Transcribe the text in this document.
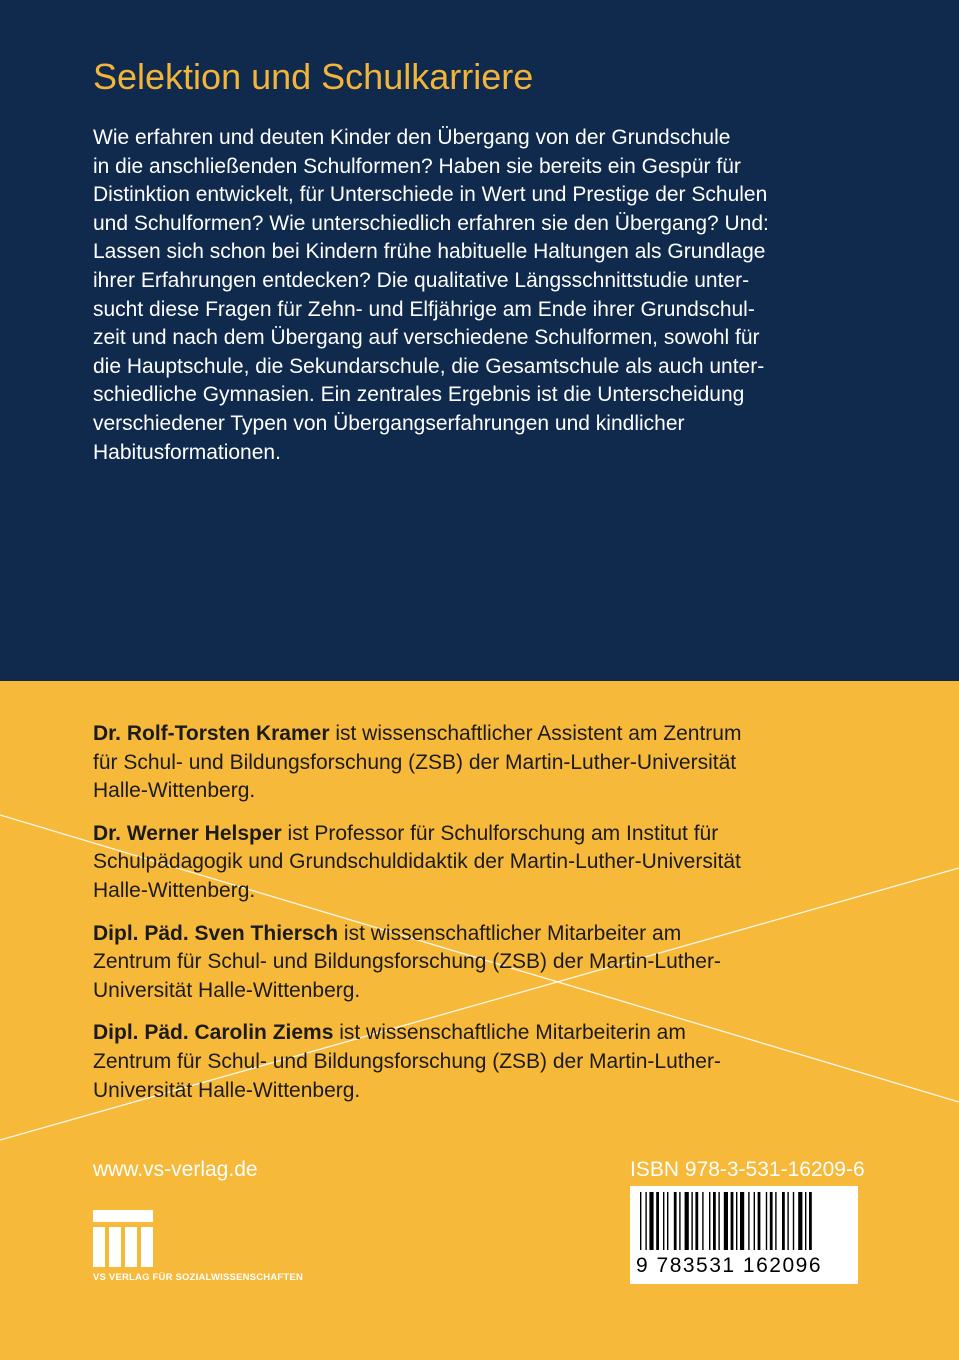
Selektion und Schulkarriere
Wie erfahren und deuten Kinder den Übergang von der Grundschule
in die anschließenden Schulformen? Haben sie bereits ein Gespür für
Distinktion entwickelt, für Unterschiede in Wert und Prestige der Schulen
und Schulformen? Wie unterschiedlich erfahren sie den Übergang? Und:
Lassen sich schon bei Kindern frühe habituelle Haltungen als Grundlage
ihrer Erfahrungen entdecken? Die qualitative Längsschnittstudie unter-
sucht diese Fragen für Zehn- und Elfjährige am Ende ihrer Grundschul-
zeit und nach dem Übergang auf verschiedene Schulformen, sowohl für
die Hauptschule, die Sekundarschule, die Gesamtschule als auch unter-
schiedliche Gymnasien. Ein zentrales Ergebnis ist die Unterscheidung
verschiedener Typen von Übergangserfahrungen und kindlicher
Habitusformationen.
Dr. Rolf-Torsten Kramer ist wissenschaftlicher Assistent am Zentrum
für Schul- und Bildungsforschung (ZSB) der Martin-Luther-Universität
Halle-Wittenberg.
Dr. Werner Helsper ist Professor für Schulforschung am Institut für
Schulpädagogik und Grundschuldidaktik der Martin-Luther-Universität
Halle-Wittenberg.
Dipl. Päd. Sven Thiersch ist wissenschaftlicher Mitarbeiter am
Zentrum für Schul- und Bildungsforschung (ZSB) der Martin-Luther-
Universität Halle-Wittenberg.
Dipl. Päd. Carolin Ziems ist wissenschaftliche Mitarbeiterin am
Zentrum für Schul- und Bildungsforschung (ZSB) der Martin-Luther-
Universität Halle-Wittenberg.
www.vs-verlag.de
VS VERLAG FÜR SOZIALWISSENSCHAFTEN
ISBN 978-3-531-16209-6
9 783531 162096
